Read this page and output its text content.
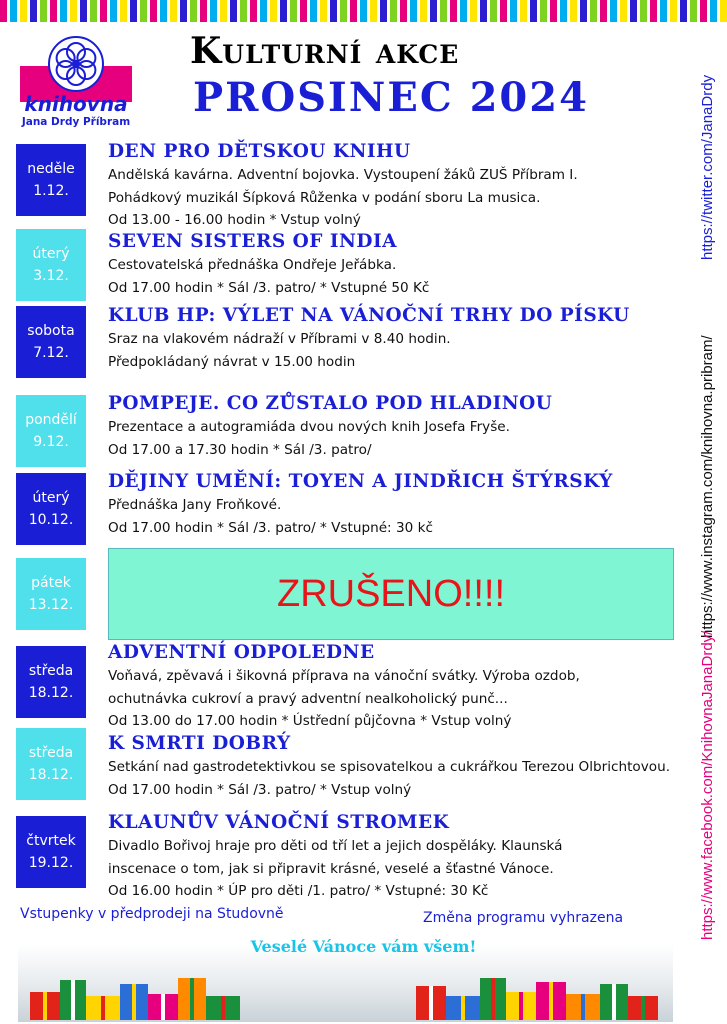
knihovna
Jana Drdy Příbram
Kulturní akce
PROSINEC 2024
neděle
1.12.
DEN PRO DĚTSKOU KNIHU
Andělská kavárna. Adventní bojovka. Vystoupení žáků ZUŠ Příbram I.
Pohádkový muzikál Šípková Růženka v podání sboru La musica.
Od 13.00 - 16.00 hodin * Vstup volný
úterý
3.12.
SEVEN SISTERS OF INDIA
Cestovatelská přednáška Ondřeje Jeřábka.
Od 17.00 hodin * Sál /3. patro/ * Vstupné 50 Kč
sobota
7.12.
KLUB HP: VÝLET NA VÁNOČNÍ TRHY DO PÍSKU
Sraz na vlakovém nádraží v Příbrami v 8.40 hodin.
Předpokládaný návrat v 15.00 hodin
pondělí
9.12.
POMPEJE. CO ZŮSTALO POD HLADINOU
Prezentace a autogramiáda dvou nových knih Josefa Fryše.
Od 17.00 a 17.30 hodin * Sál /3. patro/
úterý
10.12.
DĚJINY UMĚNÍ: TOYEN A JINDŘICH ŠTÝRSKÝ
Přednáška Jany Froňkové.
Od 17.00 hodin * Sál /3. patro/ * Vstupné: 30 kč
pátek
13.12.	ZRUŠENO!!!!
středa
18.12.
ADVENTNÍ ODPOLEDNE
Voňavá, zpěvavá i šikovná příprava na vánoční svátky. Výroba ozdob,
ochutnávka cukroví a pravý adventní nealkoholický punč...
Od 13.00 do 17.00 hodin * Ústřední půjčovna * Vstup volný
středa
18.12.
K SMRTI DOBRÝ
Setkání nad gastrodetektivkou se spisovatelkou a cukrářkou Terezou Olbrichtovou.
Od 17.00 hodin * Sál /3. patro/ * Vstup volný
čtvrtek
19.12.
KLAUNŮV VÁNOČNÍ STROMEK
Divadlo Bořivoj hraje pro děti od tří let a jejich dospěláky. Klaunská
inscenace o tom, jak si připravit krásné, veselé a šťastné Vánoce.
Od 16.00 hodin * ÚP pro děti /1. patro/ * Vstupné: 30 Kč
https://twitter.com/JanaDrdy
https://www.instagram.com/knihovna.pribram/
https://www.facebook.com/KnihovnaJanaDrdy/
Vstupenky v předprodeji na Studovně	Změna programu vyhrazena
Veselé Vánoce vám všem!
